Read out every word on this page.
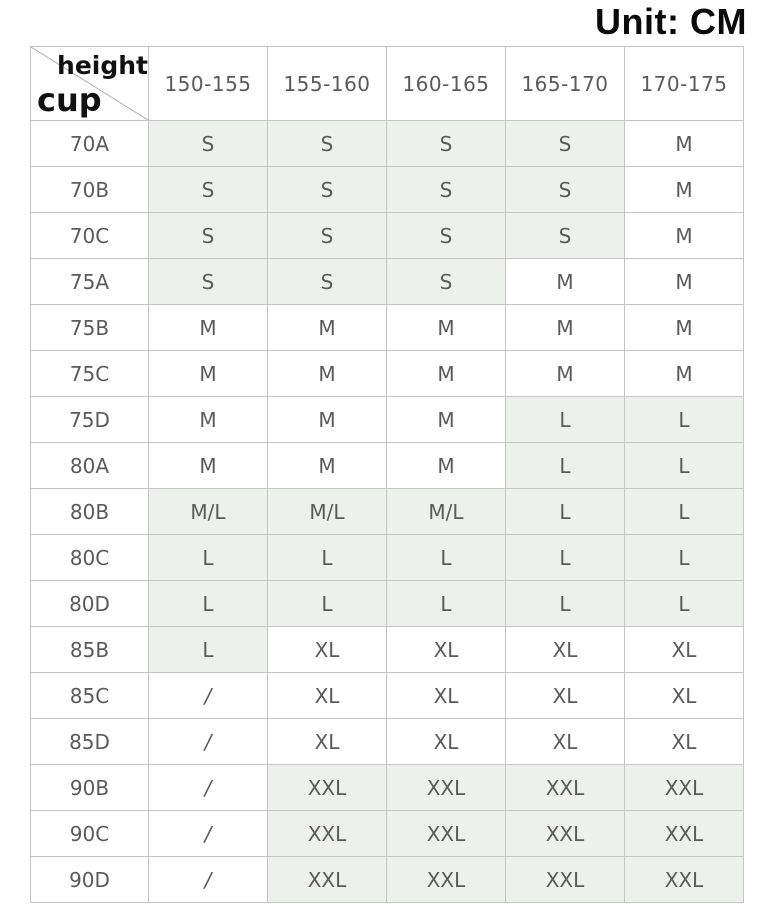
Unit: CM
height
cup	150-155	155-160	160-165	165-170	170-175
70A	S	S	S	S	M
70B	S	S	S	S	M
70C	S	S	S	S	M
75A	S	S	S	M	M
75B	M	M	M	M	M
75C	M	M	M	M	M
75D	M	M	M	L	L
80A	M	M	M	L	L
80B	M/L	M/L	M/L	L	L
80C	L	L	L	L	L
80D	L	L	L	L	L
85B	L	XL	XL	XL	XL
85C	/	XL	XL	XL	XL
85D	/	XL	XL	XL	XL
90B	/	XXL	XXL	XXL	XXL
90C	/	XXL	XXL	XXL	XXL
90D	/	XXL	XXL	XXL	XXL
